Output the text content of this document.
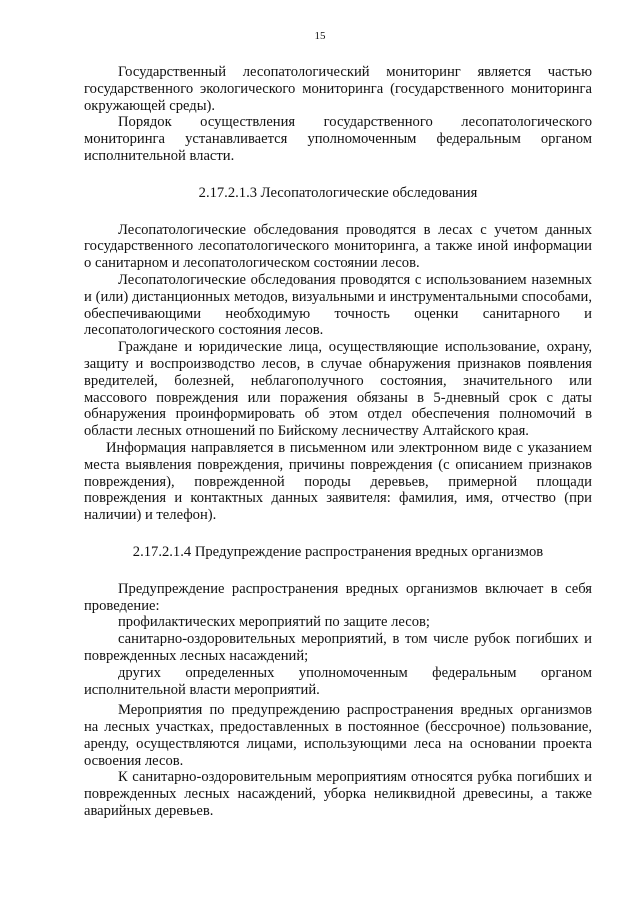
15

Государственный лесопатологический мониторинг является частью государственного экологического мониторинга (государственного мониторинга окружающей среды).

Порядок осуществления государственного лесопатологического мониторинга устанавливается уполномоченным федеральным органом исполнительной власти.

2.17.2.1.3 Лесопатологические обследования

Лесопатологические обследования проводятся в лесах с учетом данных государственного лесопатологического мониторинга, а также иной информации о санитарном и лесопатологическом состоянии лесов.

Лесопатологические обследования проводятся с использованием наземных и (или) дистанционных методов, визуальными и инструментальными способами, обеспечивающими необходимую точность оценки санитарного и лесопатологического состояния лесов.

Граждане и юридические лица, осуществляющие использование, охрану, защиту и воспроизводство лесов, в случае обнаружения признаков появления вредителей, болезней, неблагополучного состояния, значительного или массового повреждения или поражения обязаны в 5-дневный срок с даты обнаружения проинформировать об этом отдел обеспечения полномочий в области лесных отношений по Бийскому лесничеству Алтайского края.

Информация направляется в письменном или электронном виде с указанием места выявления повреждения, причины повреждения (с описанием признаков повреждения), поврежденной породы деревьев, примерной площади повреждения и контактных данных заявителя: фамилия, имя, отчество (при наличии) и телефон).

2.17.2.1.4 Предупреждение распространения вредных организмов

Предупреждение распространения вредных организмов включает в себя проведение:

профилактических мероприятий по защите лесов;

санитарно-оздоровительных мероприятий, в том числе рубок погибших и поврежденных лесных насаждений;

других определенных уполномоченным федеральным органом исполнительной власти мероприятий.

Мероприятия по предупреждению распространения вредных организмов на лесных участках, предоставленных в постоянное (бессрочное) пользование, аренду, осуществляются лицами, использующими леса на основании проекта освоения лесов.

К санитарно-оздоровительным мероприятиям относятся рубка погибших и поврежденных лесных насаждений, уборка неликвидной древесины, а также аварийных деревьев.
